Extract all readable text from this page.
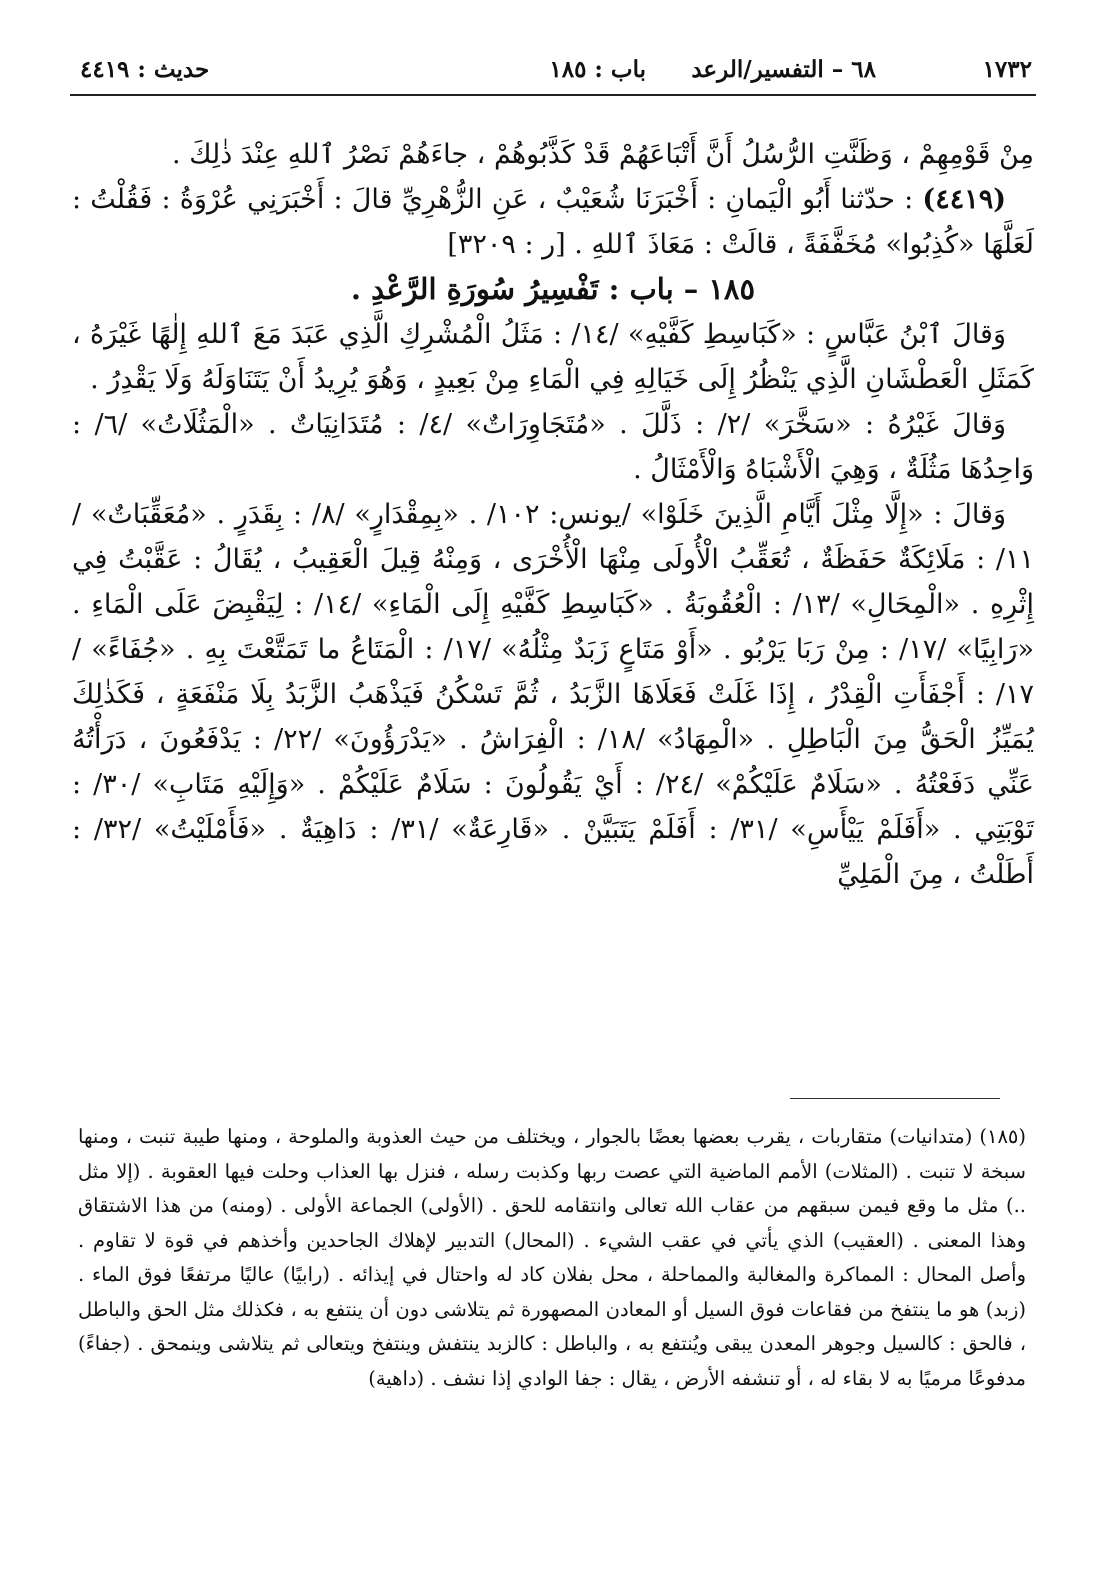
١٧٣٢
٦٨ – التفسير/الرعد
باب : ١٨٥
حديث : ٤٤١٩

مِنْ قَوْمِهِمْ ، وَظَنَّتِ الرُّسُلُ أَنَّ أَتْبَاعَهُمْ قَدْ كَذَّبُوهُمْ ، جاءَهُمْ نَصْرُ ٱللهِ عِنْدَ ذٰلِكَ .

(٤٤١٩) : حدّثنا أَبُو الْيَمانِ : أَخْبَرَنَا شُعَيْبٌ ، عَنِ الزُّهْرِيِّ قالَ : أَخْبَرَنِي عُرْوَةُ : فَقُلْتُ : لَعَلَّهَا «كُذِبُوا» مُخَفَّفَةً ، قالَتْ : مَعَاذَ ٱللهِ . [ر : ٣٢٠٩]

١٨٥ – باب : تَفْسِيرُ سُورَةِ الرَّعْدِ .

وَقالَ ٱبْنُ عَبَّاسٍ : «كَبَاسِطِ كَفَّيْهِ» /١٤/ : مَثَلُ الْمُشْرِكِ الَّذِي عَبَدَ مَعَ ٱللهِ إِلٰهًا غَيْرَهُ ، كَمَثَلِ الْعَطْشَانِ الَّذِي يَنْظُرُ إِلَى خَيَالِهِ فِي الْمَاءِ مِنْ بَعِيدٍ ، وَهُوَ يُرِيدُ أَنْ يَتَنَاوَلَهُ وَلَا يَقْدِرُ .

وَقالَ غَيْرُهُ : «سَخَّرَ» /٢/ : ذَلَّلَ . «مُتَجَاوِرَاتٌ» /٤/ : مُتَدَانِيَاتٌ . «الْمَثُلَاتُ» /٦/ : وَاحِدُهَا مَثُلَةٌ ، وَهِيَ الْأَشْبَاهُ وَالْأَمْثَالُ .

وَقالَ : «إِلَّا مِثْلَ أَيَّامِ الَّذِينَ خَلَوْا» /يونس: ١٠٢/ . «بِمِقْدَارٍ» /٨/ : بِقَدَرٍ . «مُعَقِّبَاتٌ» /١١/ : مَلَائِكَةٌ حَفَظَةٌ ، تُعَقِّبُ الْأُولَى مِنْهَا الْأُخْرَى ، وَمِنْهُ قِيلَ الْعَقِيبُ ، يُقَالُ : عَقَّبْتُ فِي إِثْرِهِ . «الْمِحَالِ» /١٣/ : الْعُقُوبَةُ . «كَبَاسِطِ كَفَّيْهِ إِلَى الْمَاءِ» /١٤/ : لِيَقْبِضَ عَلَى الْمَاءِ . «رَابِيًا» /١٧/ : مِنْ رَبَا يَرْبُو . «أَوْ مَتَاعٍ زَبَدٌ مِثْلُهُ» /١٧/ : الْمَتَاعُ ما تَمَتَّعْتَ بِهِ . «جُفَاءً» /١٧/ : أَجْفَأَتِ الْقِدْرُ ، إِذَا غَلَتْ فَعَلَاهَا الزَّبَدُ ، ثُمَّ تَسْكُنُ فَيَذْهَبُ الزَّبَدُ بِلَا مَنْفَعَةٍ ، فَكَذٰلِكَ يُمَيِّزُ الْحَقُّ مِنَ الْبَاطِلِ . «الْمِهَادُ» /١٨/ : الْفِرَاشُ . «يَدْرَؤُونَ» /٢٢/ : يَدْفَعُونَ ، دَرَأْتُهُ عَنِّي دَفَعْتُهُ . «سَلَامٌ عَلَيْكُمْ» /٢٤/ : أَيْ يَقُولُونَ : سَلَامٌ عَلَيْكُمْ . «وَإِلَيْهِ مَتَابِ» /٣٠/ : تَوْبَتِي . «أَفَلَمْ يَيْأَسِ» /٣١/ : أَفَلَمْ يَتَبَيَّنْ . «قَارِعَةٌ» /٣١/ : دَاهِيَةٌ . «فَأَمْلَيْتُ» /٣٢/ : أَطَلْتُ ، مِنَ الْمَلِيِّ

(١٨٥) (متدانيات) متقاربات ، يقرب بعضها بعضًا بالجوار ، ويختلف من حيث العذوبة والملوحة ، ومنها طيبة تنبت ، ومنها سبخة لا تنبت . (المثلات) الأمم الماضية التي عصت ربها وكذبت رسله ، فنزل بها العذاب وحلت فيها العقوبة . (إلا مثل ..) مثل ما وقع فيمن سبقهم من عقاب الله تعالى وانتقامه للحق . (الأولى) الجماعة الأولى . (ومنه) من هذا الاشتقاق وهذا المعنى . (العقيب) الذي يأتي في عقب الشيء . (المحال) التدبير لإهلاك الجاحدين وأخذهم في قوة لا تقاوم . وأصل المحال : المماكرة والمغالبة والمماحلة ، محل بفلان كاد له واحتال في إيذائه . (رابيًا) عاليًا مرتفعًا فوق الماء . (زبد) هو ما ينتفخ من فقاعات فوق السيل أو المعادن المصهورة ثم يتلاشى دون أن ينتفع به ، فكذلك مثل الحق والباطل ، فالحق : كالسيل وجوهر المعدن يبقى ويُنتفع به ، والباطل : كالزبد ينتفش وينتفخ ويتعالى ثم يتلاشى وينمحق . (جفاءً) مدفوعًا مرميًا به لا بقاء له ، أو تنشفه الأرض ، يقال : جفا الوادي إذا نشف . (داهية)
